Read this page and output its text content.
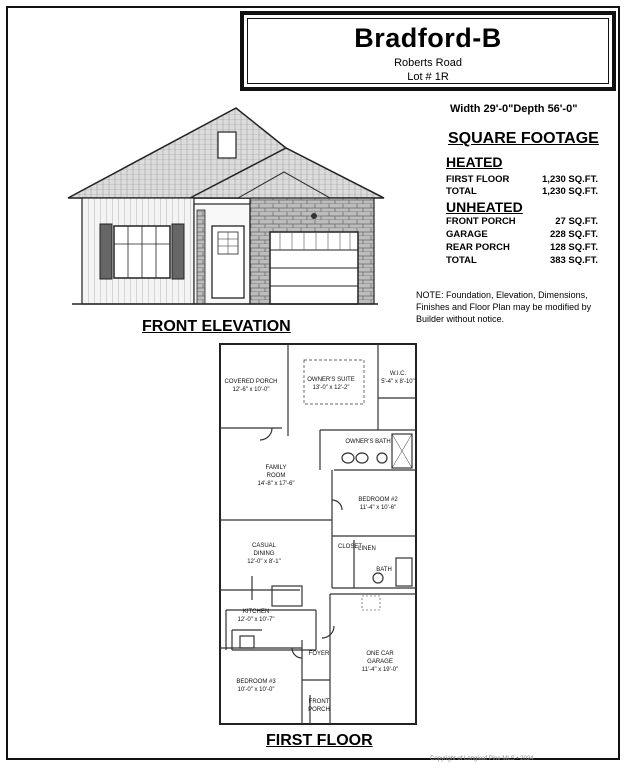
Bradford-B
Roberts Road
Lot # 1R
Width 29'-0"Depth 56'-0"
SQUARE FOOTAGE
HEATED
FIRST FLOOR	1,230 SQ.FT.
TOTAL	1,230 SQ.FT.
UNHEATED
FRONT PORCH	27 SQ.FT.
GARAGE	228 SQ.FT.
REAR PORCH	128 SQ.FT.
TOTAL	383 SQ.FT.
NOTE: Foundation, Elevation, Dimensions, Finishes and Floor Plan may be modified by Builder without notice.
FRONT ELEVATION
COVERED PORCH
12'-6" x 10'-0"
OWNER'S SUITE
13'-0" x 12'-2"
W.I.C.
5'-4" x 8'-10"
OWNER'S BATH
FAMILY
ROOM
14'-8" x 17'-6"
BEDROOM #2
11'-4" x 10'-6"
CLOSET
LINEN
CASUAL
DINING
12'-0" x 8'-1"
BATH
KITCHEN
12'-0" x 10'-7"
ONE CAR
GARAGE
11'-4" x 19'-0"
FOYER
BEDROOM #3
10'-0" x 10'-0"
FRONT
PORCH
FIRST FLOOR
Copyright of Longleaf Pine MLS • 2024
